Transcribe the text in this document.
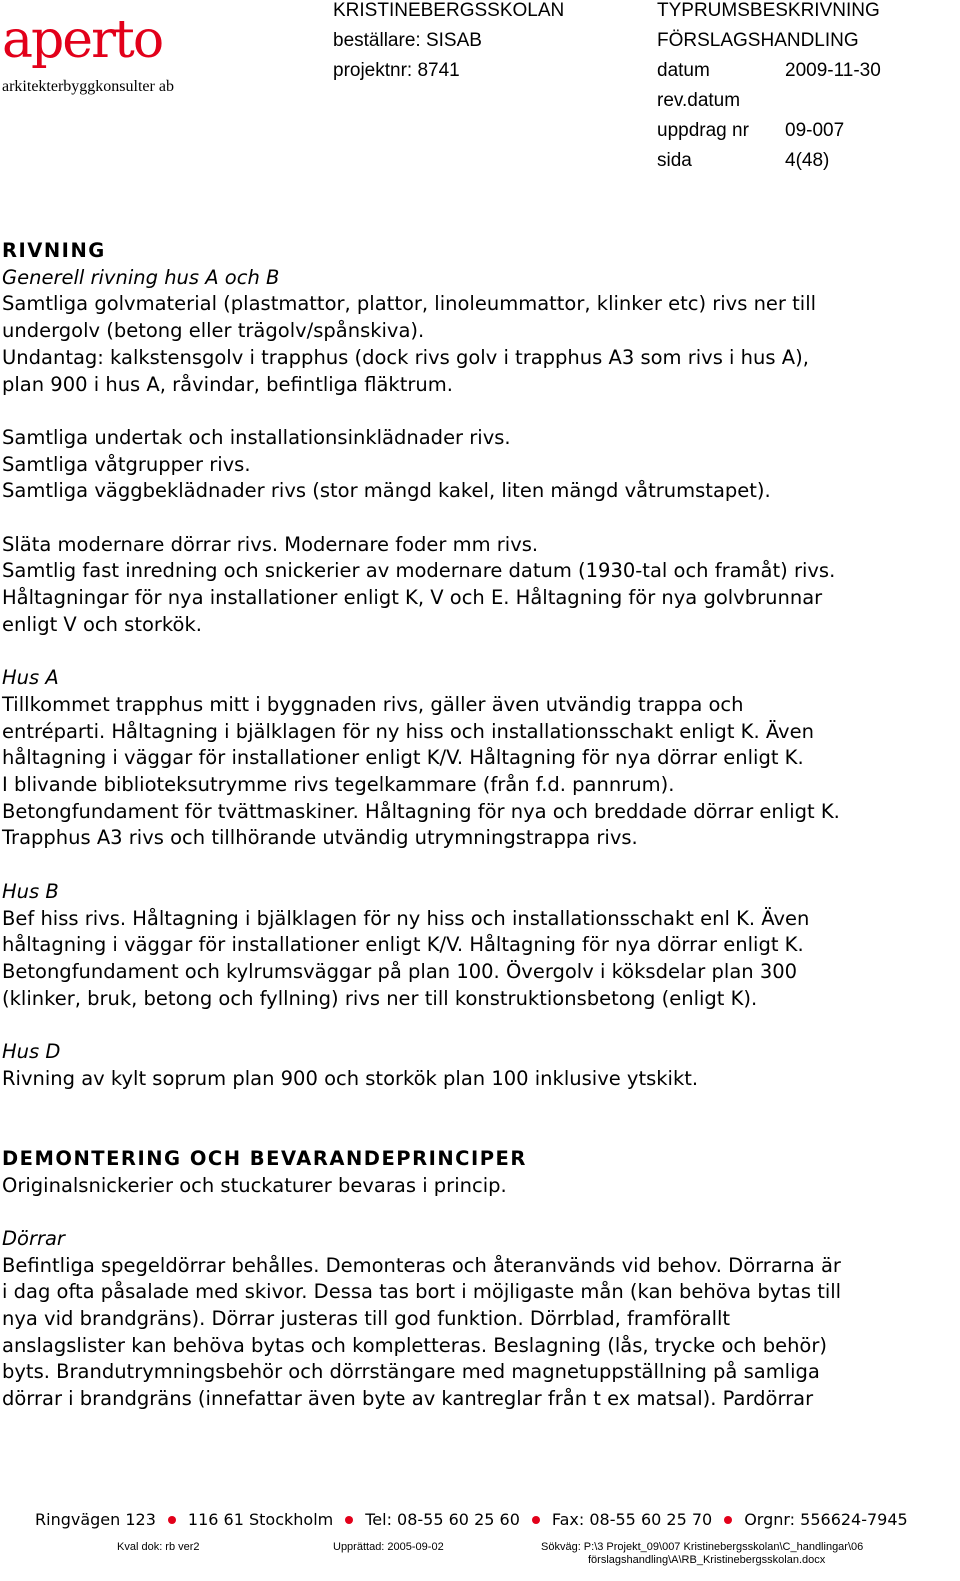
aperto
arkitekterbyggkonsulter ab
KRISTINEBERGSSKOLAN
beställare: SISAB
projektnr: 8741
TYPRUMSBESKRIVNING
FÖRSLAGSHANDLING
datum	2009-11-30
rev.datum
uppdrag nr 09-007
sida	4(48)

RIVNING

Generell rivning hus A och B

Samtliga golvmaterial (plastmattor, plattor, linoleummattor, klinker etc) rivs ner till

undergolv (betong eller trägolv/spånskiva).

Undantag: kalkstensgolv i trapphus (dock rivs golv i trapphus A3 som rivs i hus A),

plan 900 i hus A, råvindar, befintliga fläktrum.

Samtliga undertak och installationsinklädnader rivs.

Samtliga våtgrupper rivs.

Samtliga väggbeklädnader rivs (stor mängd kakel, liten mängd våtrumstapet).

Släta modernare dörrar rivs. Modernare foder mm rivs.

Samtlig fast inredning och snickerier av modernare datum (1930-tal och framåt) rivs.

Håltagningar för nya installationer enligt K, V och E. Håltagning för nya golvbrunnar

enligt V och storkök.

Hus A

Tillkommet trapphus mitt i byggnaden rivs, gäller även utvändig trappa och

entréparti. Håltagning i bjälklagen för ny hiss och installationsschakt enligt K. Även

håltagning i väggar för installationer enligt K/V. Håltagning för nya dörrar enligt K.

I blivande biblioteksutrymme rivs tegelkammare (från f.d. pannrum).

Betongfundament för tvättmaskiner. Håltagning för nya och breddade dörrar enligt K.

Trapphus A3 rivs och tillhörande utvändig utrymningstrappa rivs.

Hus B

Bef hiss rivs. Håltagning i bjälklagen för ny hiss och installationsschakt enl K. Även

håltagning i väggar för installationer enligt K/V. Håltagning för nya dörrar enligt K.

Betongfundament och kylrumsväggar på plan 100. Övergolv i köksdelar plan 300

(klinker, bruk, betong och fyllning) rivs ner till konstruktionsbetong (enligt K).

Hus D

Rivning av kylt soprum plan 900 och storkök plan 100 inklusive ytskikt.

DEMONTERING OCH BEVARANDEPRINCIPER

Originalsnickerier och stuckaturer bevaras i princip.

Dörrar

Befintliga spegeldörrar behålles. Demonteras och återanvänds vid behov. Dörrarna är

i dag ofta påsalade med skivor. Dessa tas bort i möjligaste mån (kan behöva bytas till

nya vid brandgräns). Dörrar justeras till god funktion. Dörrblad, framförallt

anslagslister kan behöva bytas och kompletteras. Beslagning (lås, trycke och behör)

byts. Brandutrymningsbehör och dörrstängare med magnetuppställning på samliga

dörrar i brandgräns (innefattar även byte av kantreglar från t ex matsal). Pardörrar

Ringvägen 123 116 61 Stockholm Tel: 08-55 60 25 60 Fax: 08-55 60 25 70 Orgnr: 556624-7945
Kval dok: rb ver2	Upprättad: 2005-09-02	Sökväg: P:\3 Projekt_09\007 Kristinebergsskolan\C_handlingar\06
förslagshandling\A\RB_Kristinebergsskolan.docx
